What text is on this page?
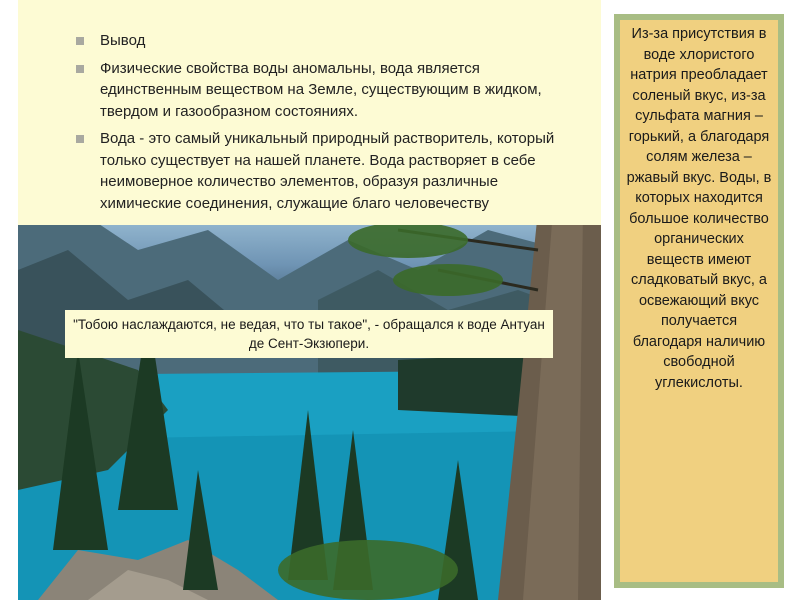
Вывод
Физические свойства воды аномальны, вода является единственным веществом на Земле, существующим в жидком, твердом и газообразном состояниях.
Вода - это самый уникальный природный растворитель, который только существует на нашей планете. Вода растворяет в себе неимоверное количество элементов, образуя различные химические соединения, служащие благо человечеству
"Тобою наслаждаются, не ведая, что ты такое", - обращался к воде Антуан де Сент-Экзюпери.
Из-за присутствия в воде хлористого натрия преобладает соленый вкус, из-за сульфата магния – горький, а благодаря солям железа – ржавый вкус. Воды, в которых находится большое количество органических веществ имеют сладковатый вкус, а освежающий вкус получается благодаря наличию свободной углекислоты.
